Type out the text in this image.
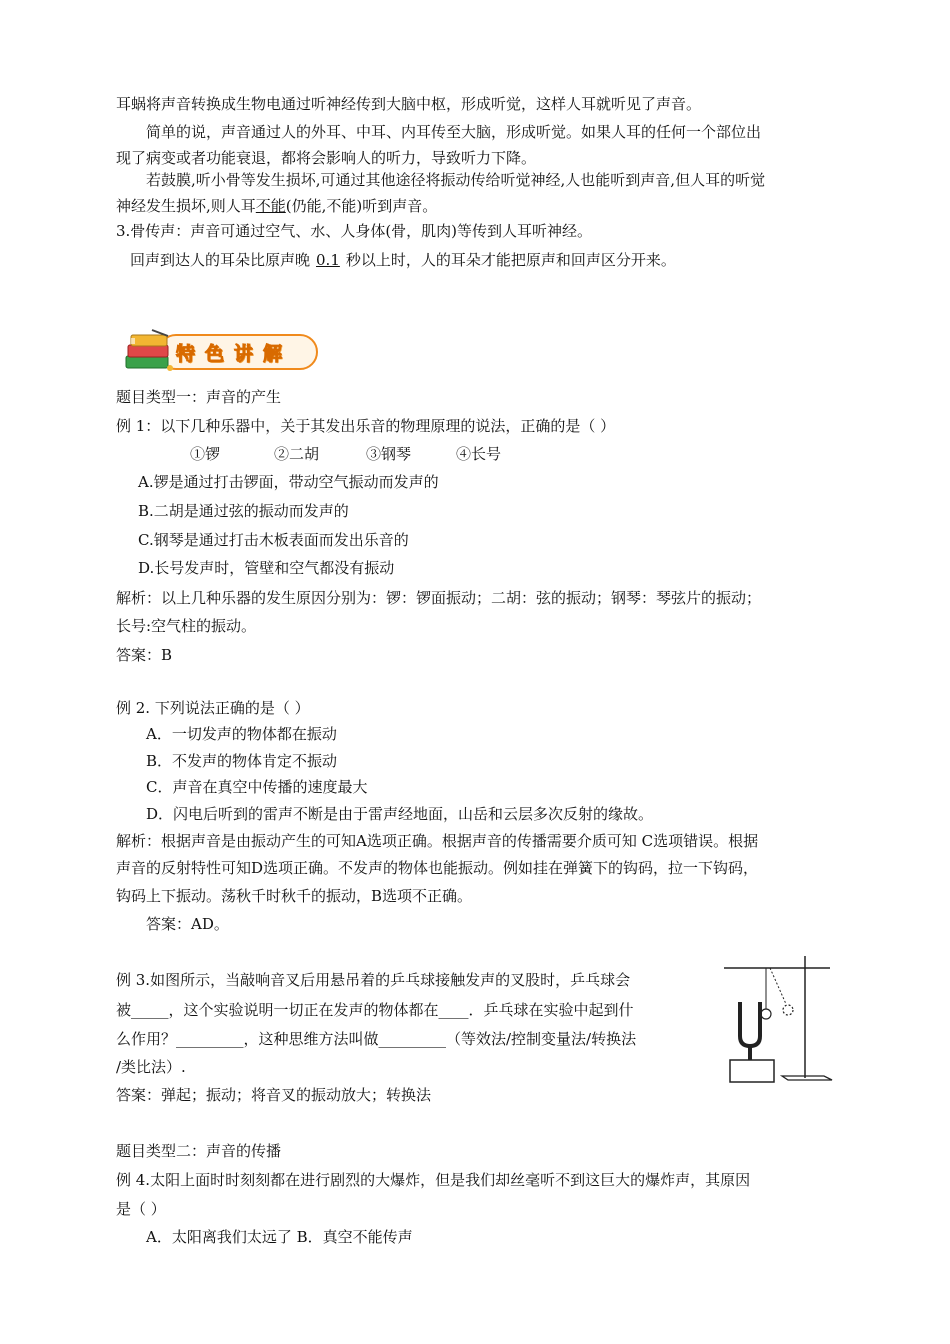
耳蜗将声音转换成生物电通过听神经传到大脑中枢，形成听觉，这样人耳就听见了声音。
简单的说，声音通过人的外耳、中耳、内耳传至大脑，形成听觉。如果人耳的任何一个部位出
现了病变或者功能衰退，都将会影响人的听力，导致听力下降。
若鼓膜,听小骨等发生损坏,可通过其他途径将振动传给听觉神经,人也能听到声音,但人耳的听觉
神经发生损坏,则人耳不能(仍能,不能)听到声音。
3.骨传声：声音可通过空气、水、人身体(骨，肌肉)等传到人耳听神经。
回声到达人的耳朵比原声晚 0.1 秒以上时，人的耳朵才能把原声和回声区分开来。
特色讲解
题目类型一：声音的产生
例 1：以下几种乐器中，关于其发出乐音的物理原理的说法，正确的是（ ）
①锣	②二胡	③钢琴	④长号
A.锣是通过打击锣面，带动空气振动而发声的
B.二胡是通过弦的振动而发声的
C.钢琴是通过打击木板表面而发出乐音的
D.长号发声时，管壁和空气都没有振动
解析：以上几种乐器的发生原因分别为：锣：锣面振动；二胡：弦的振动；钢琴：琴弦片的振动；
长号:空气柱的振动。
答案：B
例 2. 下列说法正确的是（ ）
A．一切发声的物体都在振动
B．不发声的物体肯定不振动
C．声音在真空中传播的速度最大
D．闪电后听到的雷声不断是由于雷声经地面，山岳和云层多次反射的缘故。
解析：根据声音是由振动产生的可知A选项正确。根据声音的传播需要介质可知 C选项错误。根据
声音的反射特性可知D选项正确。不发声的物体也能振动。例如挂在弹簧下的钩码，拉一下钩码，
钩码上下振动。荡秋千时秋千的振动，B选项不正确。
答案：AD。
例 3.如图所示，当敲响音叉后用悬吊着的乒乓球接触发声的叉股时，乒乓球会
被_____，这个实验说明一切正在发声的物体都在____．乒乓球在实验中起到什
么作用？_________，这种思维方法叫做_________（等效法/控制变量法/转换法
/类比法）.
答案：弹起；振动；将音叉的振动放大；转换法
题目类型二：声音的传播
例 4.太阳上面时时刻刻都在进行剧烈的大爆炸，但是我们却丝毫听不到这巨大的爆炸声，其原因
是（ ）
A．太阳离我们太远了 B．真空不能传声
